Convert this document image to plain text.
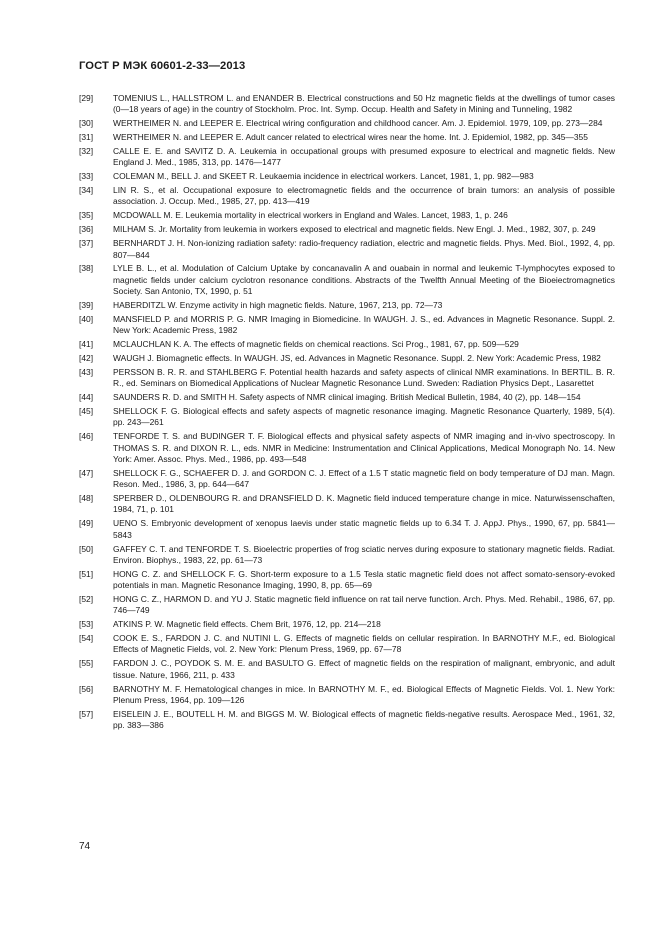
ГОСТ Р МЭК 60601-2-33—2013
[29]	TOMENIUS L., HALLSTROM L. and ENANDER B. Electrical constructions and 50 Hz magnetic fields at the dwellings of tumor cases (0—18 years of age) in the country of Stockholm. Proc. Int. Symp. Occup. Health and Safety in Mining and Tunneling, 1982
[30]	WERTHEIMER N. and LEEPER E. Electrical wiring configuration and childhood cancer. Am. J. Epidemiol. 1979, 109, pp. 273—284
[31]	WERTHEIMER N. and LEEPER E. Adult cancer related to electrical wires near the home. Int. J. Epidemiol, 1982, pp. 345—355
[32]	CALLE E. E. and SAVITZ D. A. Leukemia in occupational groups with presumed exposure to electrical and magnetic fields. New England J. Med., 1985, 313, pp. 1476—1477
[33]	COLEMAN M., BELL J. and SKEET R. Leukaemia incidence in electrical workers. Lancet, 1981, 1, pp. 982—983
[34]	LIN R. S., et al. Occupational exposure to electromagnetic fields and the occurrence of brain tumors: an analysis of possible association. J. Occup. Med., 1985, 27, pp. 413—419
[35]	MCDOWALL M. E. Leukemia mortality in electrical workers in England and Wales. Lancet, 1983, 1, p. 246
[36]	MILHAM S. Jr. Mortality from leukemia in workers exposed to electrical and magnetic fields. New Engl. J. Med., 1982, 307, p. 249
[37]	BERNHARDT J. H. Non-ionizing radiation safety: radio-frequency radiation, electric and magnetic fields. Phys. Med. Biol., 1992, 4, pp. 807—844
[38]	LYLE B. L., et al. Modulation of Calcium Uptake by concanavalin A and ouabain in normal and leukemic T-lymphocytes exposed to magnetic fields under calcium cyclotron resonance conditions. Abstracts of the Twelfth Annual Meeting of the Bioeiectromagnetics Society. San Antonio, TX, 1990, p. 51
[39]	HABERDITZL W. Enzyme activity in high magnetic fields. Nature, 1967, 213, pp. 72—73
[40]	MANSFIELD P. and MORRIS P. G. NMR Imaging in Biomedicine. In WAUGH. J. S., ed. Advances in Magnetic Resonance. Suppl. 2. New York: Academic Press, 1982
[41]	MCLAUCHLAN K. A. The effects of magnetic fields on chemical reactions. Sci Prog., 1981, 67, pp. 509—529
[42]	WAUGH J. Biomagnetic effects. In WAUGH. JS, ed. Advances in Magnetic Resonance. Suppl. 2. New York: Academic Press, 1982
[43]	PERSSON B. R. R. and STAHLBERG F. Potential health hazards and safety aspects of clinical NMR examinations. In BERTIL. B. R. R., ed. Seminars on Biomedical Applications of Nuclear Magnetic Resonance Lund. Sweden: Radiation Physics Dept., Lasarettet
[44]	SAUNDERS R. D. and SMITH H. Safety aspects of NMR clinical imaging. British Medical Bulletin, 1984, 40 (2), pp. 148—154
[45]	SHELLOCK F. G. Biological effects and safety aspects of magnetic resonance imaging. Magnetic Resonance Quarterly, 1989, 5(4). pp. 243—261
[46]	TENFORDE T. S. and BUDINGER T. F. Biological effects and physical safety aspects of NMR imaging and in-vivo spectroscopy. In THOMAS S. R. and DIXON R. L., eds. NMR in Medicine: Instrumentation and Clinical Applications, Medical Monograph No. 14. New York: Amer. Assoc. Phys. Med., 1986, pp. 493—548
[47]	SHELLOCK F. G., SCHAEFER D. J. and GORDON C. J. Effect of a 1.5 T static magnetic field on body temperature of DJ man. Magn. Reson. Med., 1986, 3, pp. 644—647
[48]	SPERBER D., OLDENBOURG R. and DRANSFIELD D. K. Magnetic field induced temperature change in mice. Naturwissenschaften, 1984, 71, p. 101
[49]	UENO S. Embryonic development of xenopus laevis under static magnetic fields up to 6.34 T. J. AppJ. Phys., 1990, 67, pp. 5841—5843
[50]	GAFFEY C. T. and TENFORDE T. S. Bioelectric properties of frog sciatic nerves during exposure to stationary magnetic fields. Radiat. Environ. Biophys., 1983, 22, pp. 61—73
[51]	HONG C. Z. and SHELLOCK F. G. Short-term exposure to a 1.5 Tesla static magnetic field does not affect somato-sensory-evoked potentials in man. Magnetic Resonance Imaging, 1990, 8, pp. 65—69
[52]	HONG C. Z., HARMON D. and YU J. Static magnetic field influence on rat tail nerve function. Arch. Phys. Med. Rehabil., 1986, 67, pp. 746—749
[53]	ATKINS P. W. Magnetic field effects. Chem Brit, 1976, 12, pp. 214—218
[54]	COOK E. S., FARDON J. C. and NUTINI L. G. Effects of magnetic fields on cellular respiration. In BARNOTHY M.F., ed. Biological Effects of Magnetic Fields, vol. 2. New York: Plenum Press, 1969, pp. 67—78
[55]	FARDON J. C., POYDOK S. M. E. and BASULTO G. Effect of magnetic fields on the respiration of malignant, embryonic, and adult tissue. Nature, 1966, 211, p. 433
[56]	BARNOTHY M. F. Hematological changes in mice. In BARNOTHY M. F., ed. Biological Effects of Magnetic Fields. Vol. 1. New York: Plenum Press, 1964, pp. 109—126
[57]	EISELEIN J. E., BOUTELL H. M. and BIGGS M. W. Biological effects of magnetic fields-negative results. Aerospace Med., 1961, 32, pp. 383—386
74
